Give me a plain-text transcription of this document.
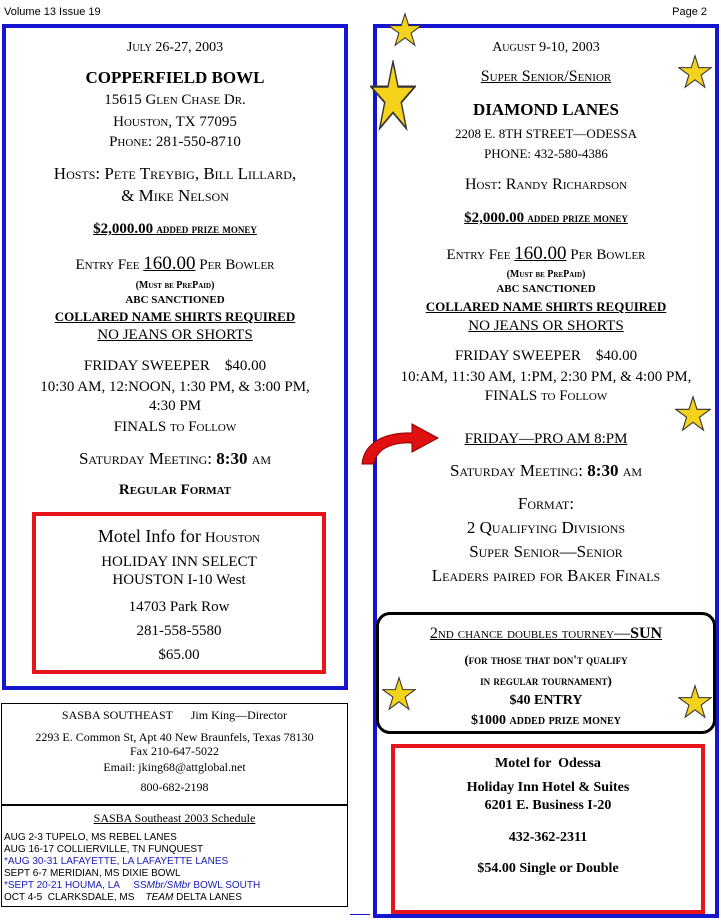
Volume 13 Issue 19	Page 2
July 26-27, 2003
COPPERFIELD BOWL
15615 Glen Chase Dr.
Houston, TX 77095
Phone: 281-550-8710
Hosts: Pete Treybig, Bill Lillard,
& Mike Nelson
$2,000.00 added prize money
Entry Fee 160.00 Per Bowler
(Must be PrePaid)
ABC SANCTIONED
COLLARED NAME SHIRTS REQUIRED
NO JEANS OR SHORTS
FRIDAY SWEEPER    $40.00
10:30 AM, 12:NOON, 1:30 PM, & 3:00 PM,
4:30 PM
FINALS to Follow
Saturday Meeting: 8:30 am
Regular Format
Motel Info for Houston
HOLIDAY INN SELECT
HOUSTON I-10 West
14703 Park Row
281-558-5580
$65.00
SASBA SOUTHEAST Jim King—Director
2293 E. Common St, Apt 40 New Braunfels, Texas 78130
Fax 210-647-5022
Email: jking68@attglobal.net
800-682-2198
SASBA Southeast 2003 Schedule
AUG 2-3 TUPELO, MS REBEL LANES
AUG 16-17 COLLIERVILLE, TN FUNQUEST
*AUG 30-31 LAFAYETTE, LA LAFAYETTE LANES
SEPT 6-7 MERIDIAN, MS DIXIE BOWL
*SEPT 20-21 HOUMA, LA     SSMbr/SMbr BOWL SOUTH
OCT 4-5  CLARKSDALE, MS    TEAM DELTA LANES
August 9-10, 2003
Super Senior/Senior
DIAMOND LANES
2208 E. 8TH STREET—ODESSA
PHONE: 432-580-4386
Host: Randy Richardson
$2,000.00 added prize money
Entry Fee 160.00 Per Bowler
(Must be PrePaid)
ABC SANCTIONED
COLLARED NAME SHIRTS REQUIRED
NO JEANS OR SHORTS
FRIDAY SWEEPER    $40.00
10:AM, 11:30 AM, 1:PM, 2:30 PM, & 4:00 PM,
FINALS to Follow
FRIDAY—PRO AM 8:PM
Saturday Meeting: 8:30 am
Format:
2 Qualifying Divisions
Super Senior—Senior
Leaders paired for Baker Finals
2nd chance doubles tourney—SUN
(for those that don't qualify
in regular tournament)
$40 ENTRY
$1000 added prize money
Motel for  Odessa
Holiday Inn Hotel & Suites
6201 E. Business I-20
432-362-2311
$54.00 Single or Double
